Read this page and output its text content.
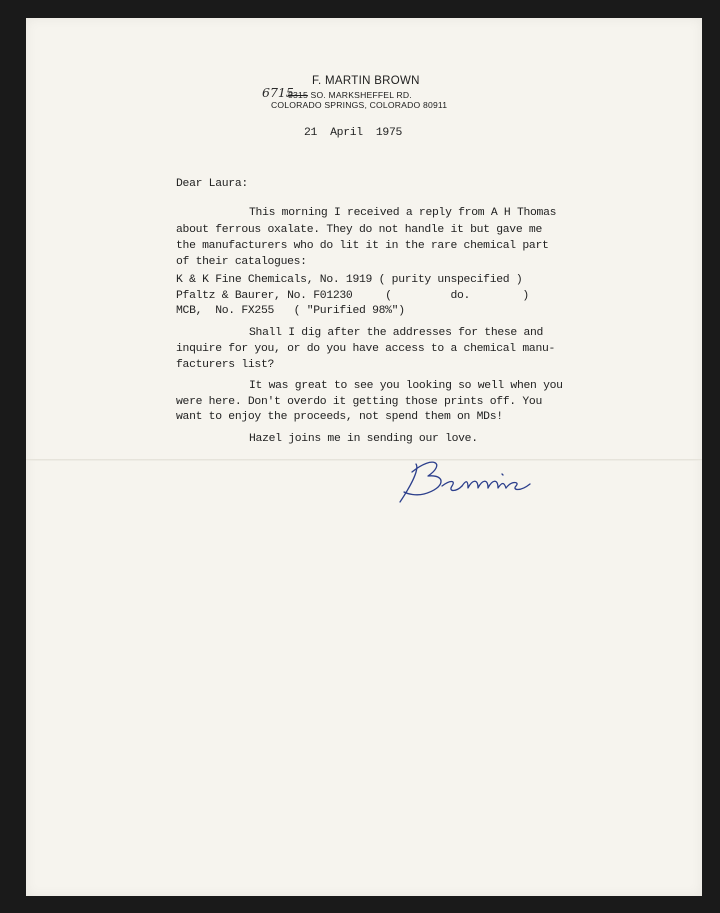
F. MARTIN BROWN
6715
5315 SO. MARKSHEFFEL RD.
COLORADO SPRINGS, COLORADO 80911
21  April  1975
Dear Laura:
This morning I received a reply from A H Thomas
about ferrous oxalate. They do not handle it but gave me
the manufacturers who do lit it in the rare chemical part
of their catalogues:
K & K Fine Chemicals, No. 1919 ( purity unspecified )
Pfaltz & Baurer, No. F01230     (         do.        )
MCB,  No. FX255   ( "Purified 98%")
Shall I dig after the addresses for these and
inquire for you, or do you have access to a chemical manu-
facturers list?
It was great to see you looking so well when you
were here. Don't overdo it getting those prints off. You
want to enjoy the proceeds, not spend them on MDs!
Hazel joins me in sending our love.
